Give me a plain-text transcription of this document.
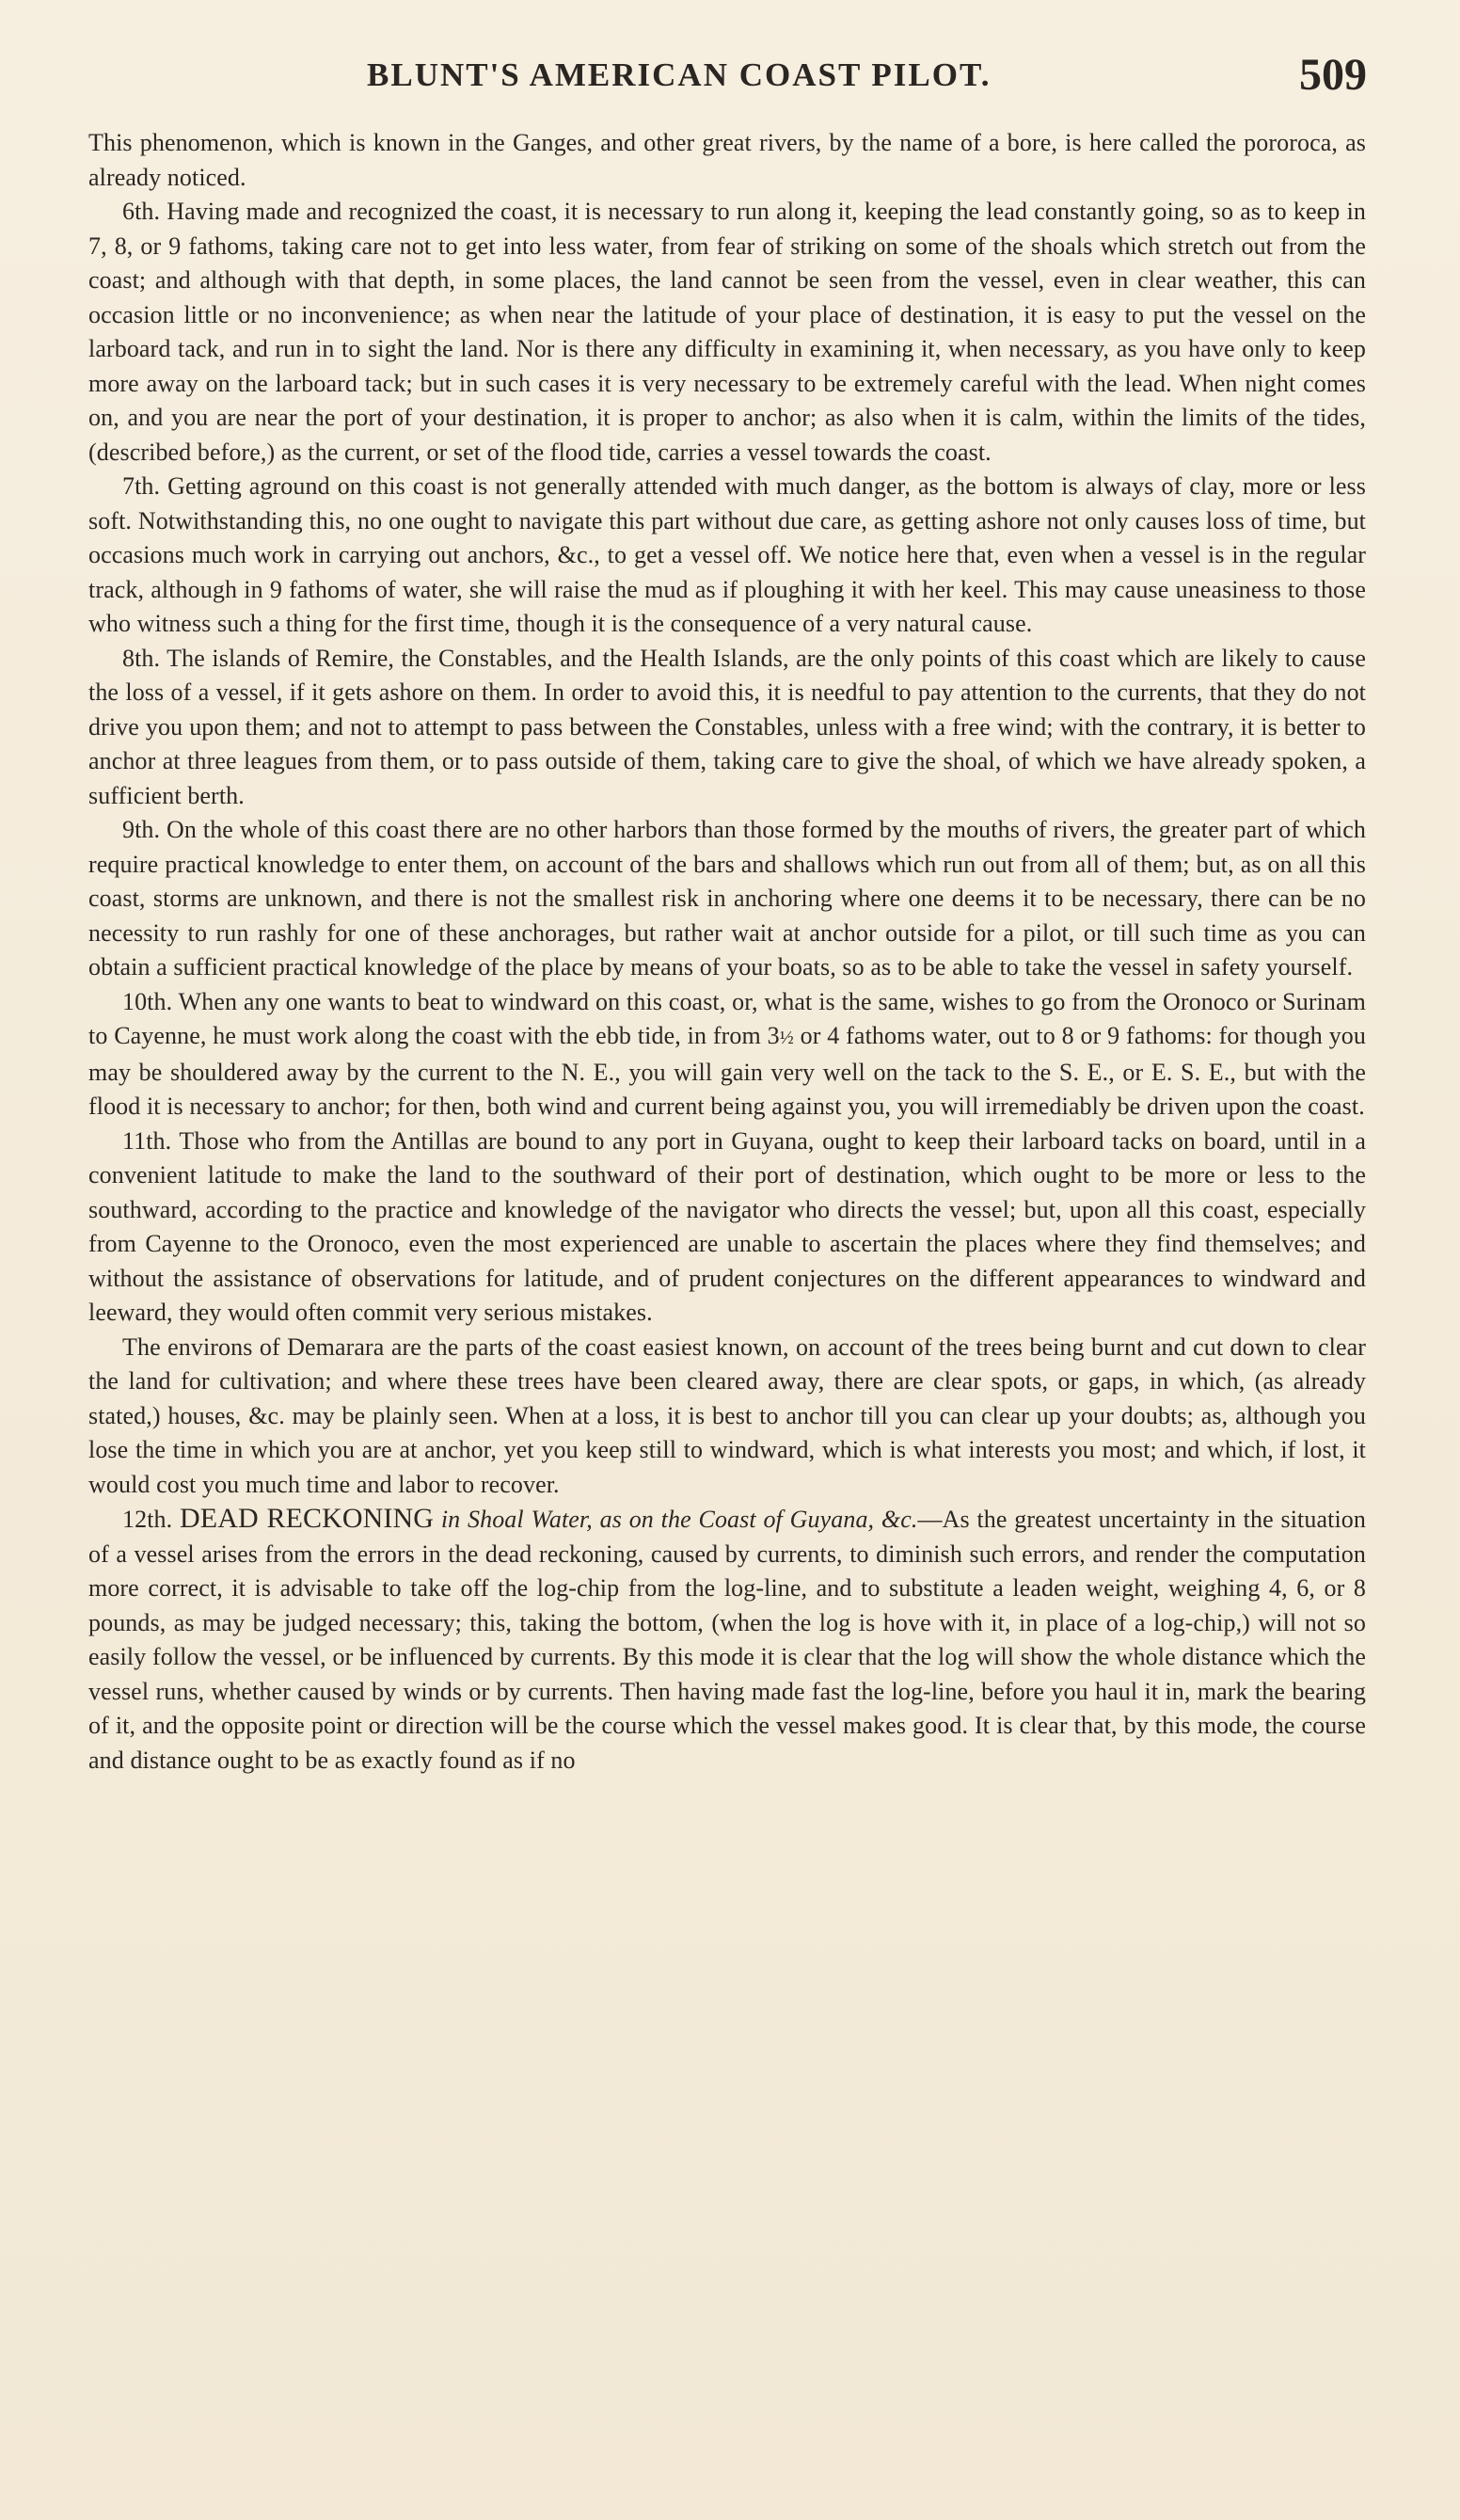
BLUNT'S AMERICAN COAST PILOT.	509

This phenomenon, which is known in the Ganges, and other great rivers, by the name of a bore, is here called the pororoca, as already noticed.

6th. Having made and recognized the coast, it is necessary to run along it, keeping the lead constantly going, so as to keep in 7, 8, or 9 fathoms, taking care not to get into less water, from fear of striking on some of the shoals which stretch out from the coast; and although with that depth, in some places, the land cannot be seen from the vessel, even in clear weather, this can occasion little or no inconvenience; as when near the latitude of your place of destination, it is easy to put the vessel on the larboard tack, and run in to sight the land. Nor is there any difficulty in examining it, when necessary, as you have only to keep more away on the larboard tack; but in such cases it is very necessary to be extremely careful with the lead. When night comes on, and you are near the port of your destination, it is proper to anchor; as also when it is calm, within the limits of the tides, (described before,) as the current, or set of the flood tide, carries a vessel towards the coast.

7th. Getting aground on this coast is not generally attended with much danger, as the bottom is always of clay, more or less soft. Notwithstanding this, no one ought to navigate this part without due care, as getting ashore not only causes loss of time, but occasions much work in carrying out anchors, &c., to get a vessel off. We notice here that, even when a vessel is in the regular track, although in 9 fathoms of water, she will raise the mud as if ploughing it with her keel. This may cause uneasiness to those who witness such a thing for the first time, though it is the consequence of a very natural cause.

8th. The islands of Remire, the Constables, and the Health Islands, are the only points of this coast which are likely to cause the loss of a vessel, if it gets ashore on them. In order to avoid this, it is needful to pay attention to the currents, that they do not drive you upon them; and not to attempt to pass between the Constables, unless with a free wind; with the contrary, it is better to anchor at three leagues from them, or to pass outside of them, taking care to give the shoal, of which we have already spoken, a sufficient berth.

9th. On the whole of this coast there are no other harbors than those formed by the mouths of rivers, the greater part of which require practical knowledge to enter them, on account of the bars and shallows which run out from all of them; but, as on all this coast, storms are unknown, and there is not the smallest risk in anchoring where one deems it to be necessary, there can be no necessity to run rashly for one of these anchorages, but rather wait at anchor outside for a pilot, or till such time as you can obtain a sufficient practical knowledge of the place by means of your boats, so as to be able to take the vessel in safety yourself.

10th. When any one wants to beat to windward on this coast, or, what is the same, wishes to go from the Oronoco or Surinam to Cayenne, he must work along the coast with the ebb tide, in from 3½ or 4 fathoms water, out to 8 or 9 fathoms: for though you may be shouldered away by the current to the N. E., you will gain very well on the tack to the S. E., or E. S. E., but with the flood it is necessary to anchor; for then, both wind and current being against you, you will irremediably be driven upon the coast.

11th. Those who from the Antillas are bound to any port in Guyana, ought to keep their larboard tacks on board, until in a convenient latitude to make the land to the southward of their port of destination, which ought to be more or less to the southward, according to the practice and knowledge of the navigator who directs the vessel; but, upon all this coast, especially from Cayenne to the Oronoco, even the most experienced are unable to ascertain the places where they find themselves; and without the assistance of observations for latitude, and of prudent conjectures on the different appearances to windward and leeward, they would often commit very serious mistakes.

The environs of Demarara are the parts of the coast easiest known, on account of the trees being burnt and cut down to clear the land for cultivation; and where these trees have been cleared away, there are clear spots, or gaps, in which, (as already stated,) houses, &c. may be plainly seen. When at a loss, it is best to anchor till you can clear up your doubts; as, although you lose the time in which you are at anchor, yet you keep still to windward, which is what interests you most; and which, if lost, it would cost you much time and labor to recover.

12th. DEAD RECKONING in Shoal Water, as on the Coast of Guyana, &c.—As the greatest uncertainty in the situation of a vessel arises from the errors in the dead reckoning, caused by currents, to diminish such errors, and render the computation more correct, it is advisable to take off the log-chip from the log-line, and to substitute a leaden weight, weighing 4, 6, or 8 pounds, as may be judged necessary; this, taking the bottom, (when the log is hove with it, in place of a log-chip,) will not so easily follow the vessel, or be influenced by currents. By this mode it is clear that the log will show the whole distance which the vessel runs, whether caused by winds or by currents. Then having made fast the log-line, before you haul it in, mark the bearing of it, and the opposite point or direction will be the course which the vessel makes good. It is clear that, by this mode, the course and distance ought to be as exactly found as if no
